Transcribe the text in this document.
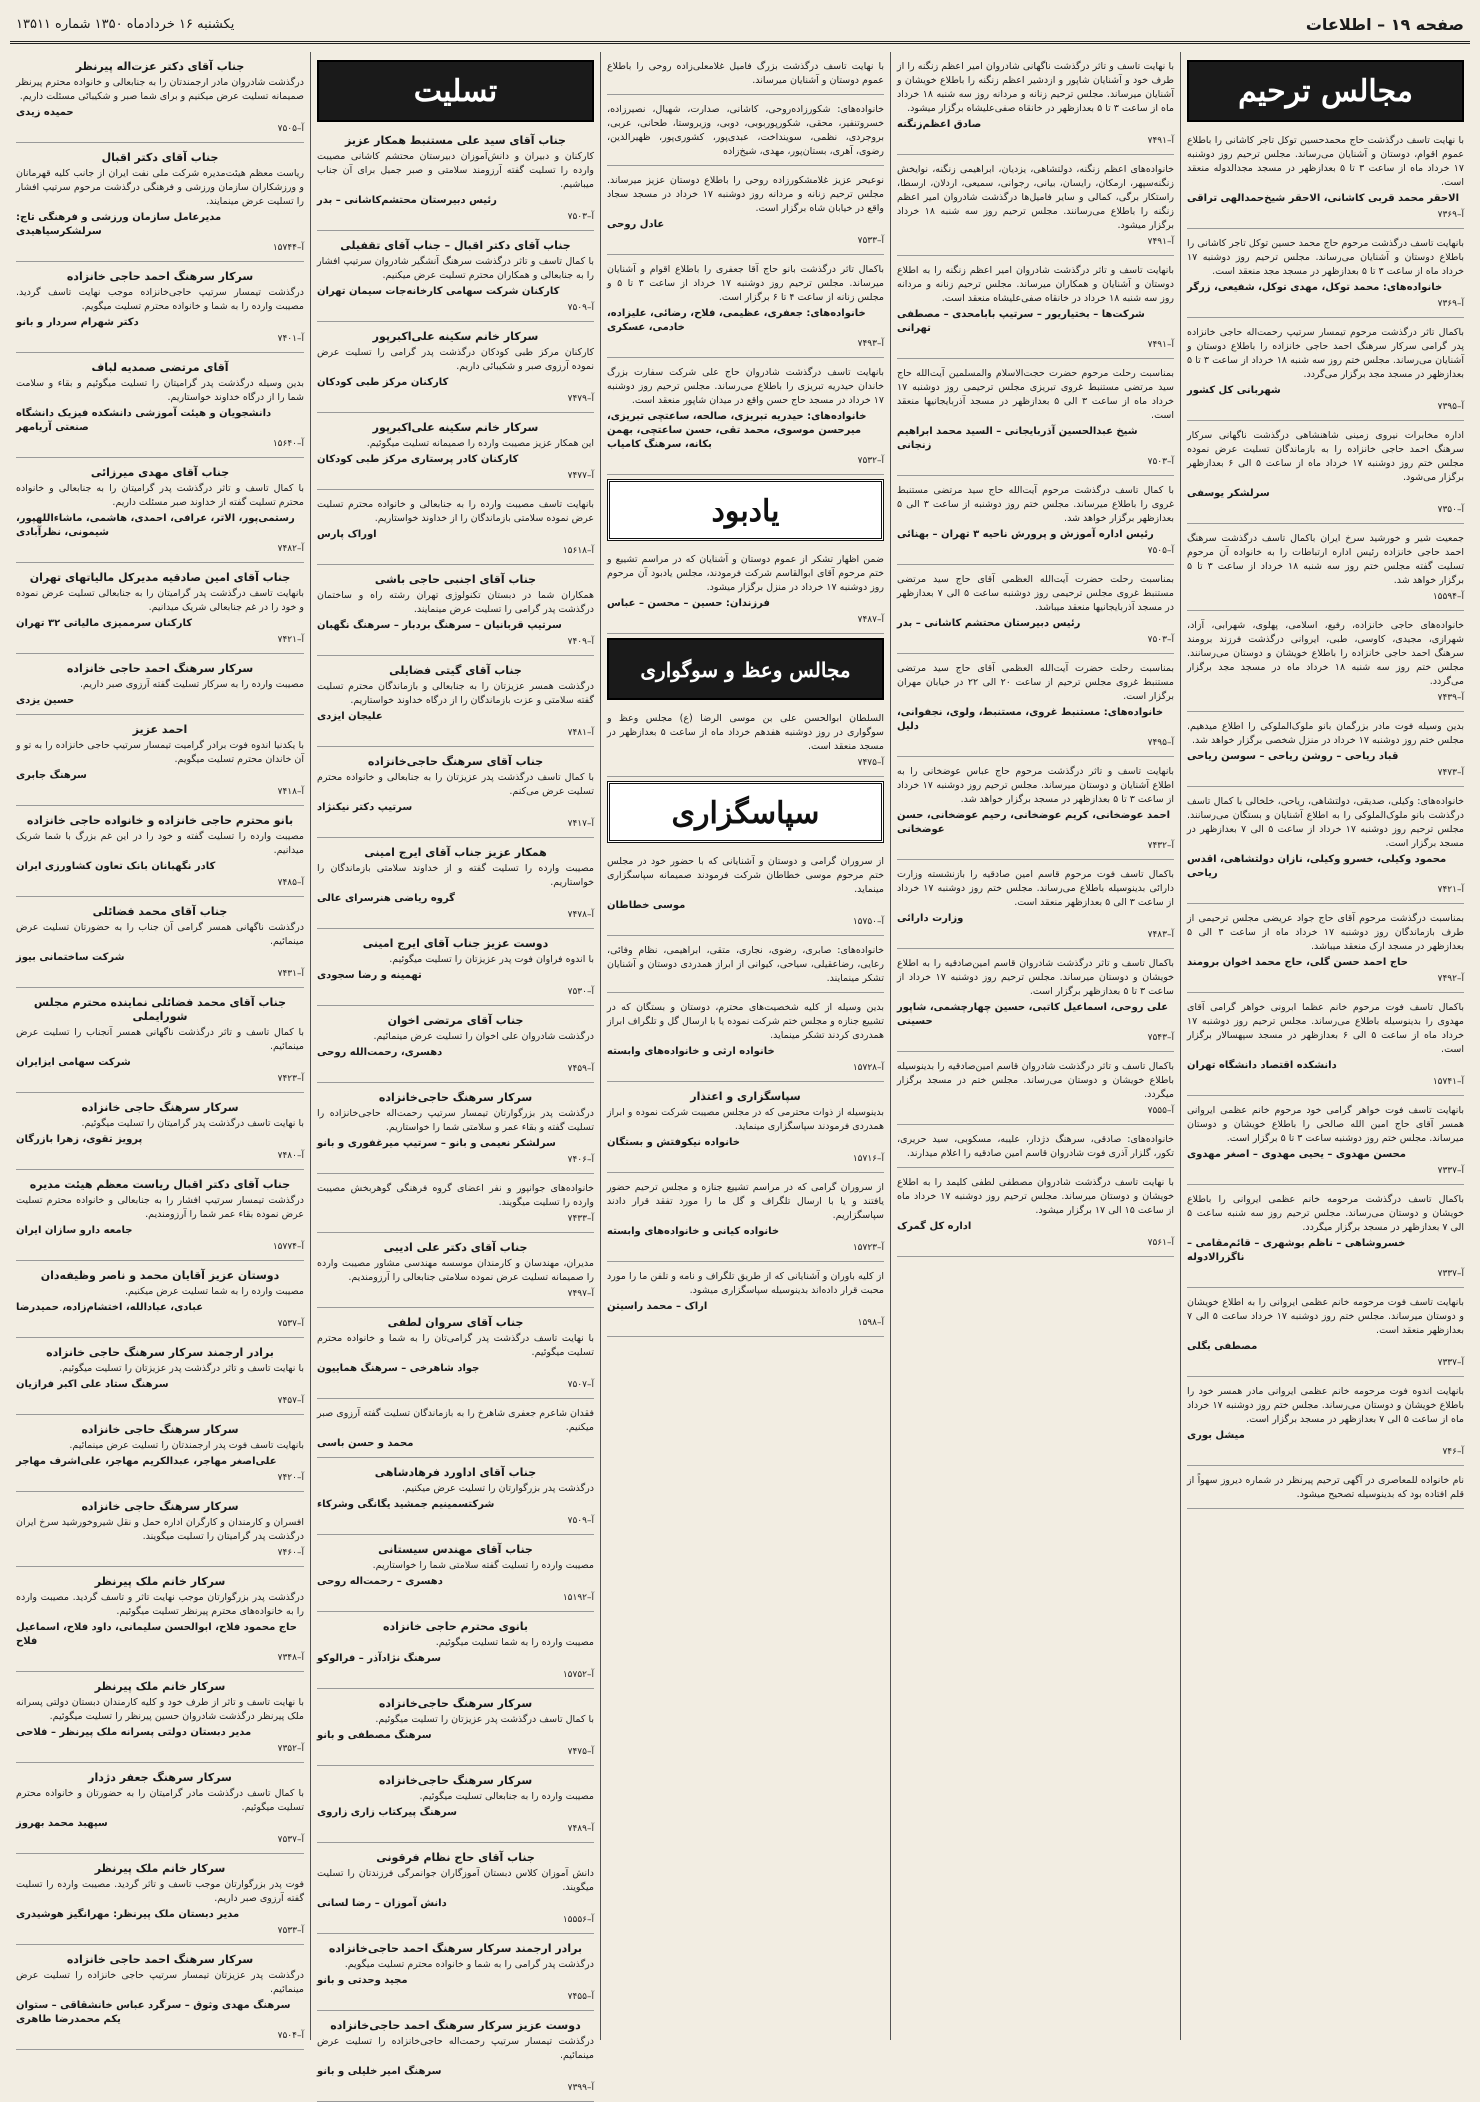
صفحه ۱۹ – اطلاعات
یکشنبه ۱۶ خردادماه ۱۳۵۰ شماره ۱۳۵۱۱
مجالس ترحیم

با نهایت تاسف درگذشت حاج محمدحسین توکل تاجر کاشانی را باطلاع عموم اقوام، دوستان و آشنایان می‌رساند. مجلس ترحیم روز دوشنبه ۱۷ خرداد ماه از ساعت ۳ تا ۵ بعدازظهر در مسجد مجدالدوله منعقد است.

الاحقر محمد قربی کاشانی، الاحقر شیخ‌حمدالهی تراقی
آ–۷۳۶۹

بانهایت تاسف درگذشت مرحوم حاج محمد حسین توکل تاجر کاشانی را باطلاع دوستان و آشنایان می‌رساند. مجلس ترحیم روز دوشنبه ۱۷ خرداد ماه از ساعت ۳ تا ۵ بعدازظهر در مسجد مجد منعقد است.

خانواده‌های: محمد توکل، مهدی توکل، شفیعی، زرگر
آ–۷۳۶۹

باکمال تاثر درگذشت مرحوم تیمسار سرتیپ رحمت‌اله حاجی خانزاده پدر گرامی سرکار سرهنگ احمد حاجی خانزاده را باطلاع دوستان و آشنایان می‌رساند. مجلس ختم روز سه شنبه ۱۸ خرداد از ساعت ۳ تا ۵ بعدازظهر در مسجد مجد برگزار می‌گردد.

شهربانی کل کشور
آ–۷۳۹۵

اداره مخابرات نیروی زمینی شاهنشاهی درگذشت ناگهانی سرکار سرهنگ احمد حاجی خانزاده را به بازماندگان تسلیت عرض نموده مجلس ختم روز دوشنبه ۱۷ خرداد ماه از ساعت ۵ الی ۶ بعدازظهر برگزار می‌شود.

سرلشکر یوسفی
آ–۷۳۵۰

جمعیت شیر و خورشید سرخ ایران باکمال تاسف درگذشت سرهنگ احمد حاجی خانزاده رئیس اداره ارتباطات را به خانواده آن مرحوم تسلیت گفته مجلس ختم روز سه شنبه ۱۸ خرداد از ساعت ۳ تا ۵ برگزار خواهد شد.

آ–۱۵۵۹۴

خانواده‌های حاجی خانزاده، رفیع، اسلامی، پهلوی، شهرابی، آزاد، شهرازی، مجیدی، کاوسی، طبی، ایروانی درگذشت فرزند برومند سرهنگ احمد حاجی خانزاده را باطلاع خویشان و دوستان می‌رسانند. مجلس ختم روز سه شنبه ۱۸ خرداد ماه در مسجد مجد برگزار می‌گردد.

آ–۷۴۳۹

بدین وسیله فوت مادر بزرگمان بانو ملوک‌الملوکی را اطلاع میدهیم. مجلس ختم روز دوشنبه ۱۷ خرداد در منزل شخصی برگزار خواهد شد.

قباد ریاحی – روشن ریاحی – سوسن ریاحی
آ–۷۴۷۳

خانواده‌های: وکیلی، صدیقی، دولتشاهی، ریاحی، خلخالی با کمال تاسف درگذشت بانو ملوک‌الملوکی را به اطلاع آشنایان و بستگان می‌رسانند. مجلس ترحیم روز دوشنبه ۱۷ خرداد از ساعت ۵ الی ۷ بعدازظهر در مسجد برگزار است.

محمود وکیلی، خسرو وکیلی، نازان دولتشاهی، اقدس ریاحی
آ–۷۴۲۱

بمناسبت درگذشت مرحوم آقای حاج جواد عریضی مجلس ترحیمی از طرف بازماندگان روز دوشنبه ۱۷ خرداد ماه از ساعت ۳ الی ۵ بعدازظهر در مسجد ارک منعقد میباشد.

حاج احمد حسن گلی، حاج محمد اخوان برومند
آ–۷۴۹۲

باکمال تاسف فوت مرحوم خانم عظما ابرونی خواهر گرامی آقای مهدوی را بدینوسیله باطلاع می‌رساند. مجلس ترحیم روز دوشنبه ۱۷ خرداد ماه از ساعت ۵ الی ۶ بعدازظهر در مسجد سپهسالار برگزار است.

دانشکده اقتصاد دانشگاه تهران
آ–۱۵۷۴۱

بانهایت تاسف فوت خواهر گرامی خود مرحوم خانم عظمی ایروانی همسر آقای حاج امین الله صالحی را باطلاع خویشان و دوستان میرساند. مجلس ختم روز دوشنبه ساعت ۳ تا ۵ برگزار است.

محسن مهدوی – یحیی مهدوی – اصغر مهدوی
آ–۷۳۳۷

باکمال تاسف درگذشت مرحومه خانم عظمی ایروانی را باطلاع خویشان و دوستان می‌رساند. مجلس ترحیم روز سه شنبه ساعت ۵ الی ۷ بعدازظهر در مسجد برگزار میگردد.

خسروشاهی – ناظم بوشهری – قائم‌مقامی – ناگزرالادوله
آ–۷۳۳۷

بانهایت تاسف فوت مرحومه خانم عظمی ایروانی را به اطلاع خویشان و دوستان میرساند. مجلس ختم روز دوشنبه ۱۷ خرداد ساعت ۵ الی ۷ بعدازظهر منعقد است.

مصطفی بگلی
آ–۷۳۳۷

بانهایت اندوه فوت مرحومه خانم عظمی ایروانی مادر همسر خود را باطلاع خویشان و دوستان می‌رساند. مجلس ختم روز دوشنبه ۱۷ خرداد ماه از ساعت ۵ الی ۷ بعدازظهر در مسجد برگزار است.

میشل بوری
آ–۷۴۶

نام خانواده للمعاصری در آگهی ترحیم پیرنظر در شماره دیروز سهواً از قلم افتاده بود که بدینوسیله تصحیح میشود.

با نهایت تاسف و تاثر درگذشت ناگهانی شادروان امیر اعظم زنگنه را از طرف خود و آشنایان شاپور و ازدشیر اعظم زنگنه را باطلاع خویشان و آشنایان میرساند. مجلس ترحیم زنانه و مردانه روز سه شنبه ۱۸ خرداد ماه از ساعت ۳ تا ۵ بعدازظهر در خانقاه صفی‌علیشاه برگزار میشود.

صادق اعظم‌زنگنه
آ–۷۴۹۱

خانواده‌های اعظم زنگنه، دولتشاهی، یزدیان، ابراهیمی زنگنه، نوایخش زنگنه‌سپهر، ارمکان، رایسان، بیانی، رجوانی، سمیعی، اردلان، ارسطا، راستکار برگی، کمالی و سایر فامیل‌ها درگذشت شادروان امیر اعظم زنگنه را باطلاع می‌رسانند. مجلس ترحیم روز سه شنبه ۱۸ خرداد برگزار میشود.

آ–۷۴۹۱

بانهایت تاسف و تاثر درگذشت شادروان امیر اعظم زنگنه را به اطلاع دوستان و آشنایان و همکاران میرساند. مجلس ترحیم زنانه و مردانه روز سه شنبه ۱۸ خرداد در خانقاه صفی‌علیشاه منعقد است.

شرکت‌ها – بختیاریور – سرتیپ بابامحدی – مصطفی تهرانی
آ–۷۴۹۱

بمناسبت رحلت مرحوم حضرت حجت‌الاسلام والمسلمین آیت‌الله حاج سید مرتضی مستنبط غروی تبریزی مجلس ترحیمی روز دوشنبه ۱۷ خرداد ماه از ساعت ۳ الی ۵ بعدازظهر در مسجد آذربایجانیها منعقد است.

شیخ عبدالحسین آذربایجانی – السید محمد ابراهیم زنجانی
آ–۷۵۰۳

با کمال تاسف درگذشت مرحوم آیت‌الله حاج سید مرتضی مستنبط غروی را باطلاع میرساند. مجلس ختم روز دوشنبه از ساعت ۳ الی ۵ بعدازظهر برگزار خواهد شد.

رئیس اداره آموزش و پرورش ناحیه ۳ تهران – بهنائی
آ–۷۵۰۵

بمناسبت رحلت حضرت آیت‌الله العظمی آقای حاج سید مرتضی مستنبط غروی مجلس ترحیمی روز دوشنبه ساعت ۵ الی ۷ بعدازظهر در مسجد آذربایجانیها منعقد میباشد.

رئیس دبیرستان محتشم کاشانی – بدر
آ–۷۵۰۳

بمناسبت رحلت حضرت آیت‌الله العظمی آقای حاج سید مرتضی مستنبط غروی مجلس ترحیم از ساعت ۲۰ الی ۲۲ در خیابان مهران برگزار است.

خانواده‌های: مستنبط غروی، مستنبط، ولوی، نجفوانی، دلیل
آ–۷۴۹۵

بانهایت تاسف و تاثر درگذشت مرحوم حاج عباس عوضخانی را به اطلاع آشنایان و دوستان میرساند. مجلس ترحیم روز دوشنبه ۱۷ خرداد از ساعت ۳ تا ۵ بعدازظهر در مسجد برگزار خواهد شد.

احمد عوضخانی، کریم عوضخانی، رحیم عوضخانی، حسن عوضخانی
آ–۷۴۳۲

باکمال تاسف فوت مرحوم قاسم امین صادقیه را بازنشسته وزارت دارائی بدینوسیله باطلاع می‌رساند. مجلس ختم روز دوشنبه ۱۷ خرداد از ساعت ۳ الی ۵ بعدازظهر منعقد است.

وزارت دارائی
آ–۷۴۸۳

باکمال تاسف و تاثر درگذشت شادروان قاسم امین‌صادقیه را به اطلاع خویشان و دوستان میرساند. مجلس ترحیم روز دوشنبه ۱۷ خرداد از ساعت ۳ تا ۵ بعدازظهر برگزار است.

علی روحی، اسماعیل کاتبی، حسین چهارچشمی، شاپور حسینی
آ–۷۵۴۳

باکمال تاسف و تاثر درگذشت شادروان قاسم امین‌صادقیه را بدینوسیله باطلاع خویشان و دوستان می‌رساند. مجلس ختم در مسجد برگزار میگردد.

آ–۷۵۵۵

خانواده‌های: صادقی، سرهنگ دژدار، علیبه، مسکوبی، سید حریری، تکور، گلزار آذری فوت شادروان قاسم امین صادقیه را اعلام میدارند.

با نهایت تاسف درگذشت شادروان مصطفی لطفی کلیمد را به اطلاع خویشان و دوستان میرساند. مجلس ترحیم روز دوشنبه ۱۷ خرداد ماه از ساعت ۱۵ الی ۱۷ برگزار میشود.

اداره کل گمرک
آ–۷۵۶۱

با نهایت تاسف درگذشت بزرگ فامیل غلامعلی‌زاده روحی را باطلاع عموم دوستان و آشنایان میرساند.

خانواده‌های: شکورزاده‌روحی، کاشانی، صدارت، شهیال، نصیرزاده، خسروتنفیر، محقی، شکورپوربوبی، دوبی، وزیروستا، طحانی، عربی، بروجردی، نظمی، سوینداخت، عبدی‌پور، کشوری‌پور، ظهیرالدین، رضوی، آهری، بستان‌پور، مهدی، شیخ‌زاده

نوعیحر عزیز غلامشکورزاده روحی را باطلاع دوستان عزیز میرساند. مجلس ترحیم زنانه و مردانه روز دوشنبه ۱۷ خرداد در مسجد سجاد واقع در خیابان شاه برگزار است.

عادل روحی
آ–۷۵۳۳

باکمال تاثر درگذشت بانو حاج آقا جعفری را باطلاع اقوام و آشنایان میرساند. مجلس ترحیم روز دوشنبه ۱۷ خرداد از ساعت ۳ تا ۵ و مجلس زنانه از ساعت ۴ تا ۶ برگزار است.

خانواده‌های: جعفری، عظیمی، فلاح، رضائی، علیزاده، خادمی، عسکری
آ–۷۴۹۳

بانهایت تاسف درگذشت شادروان حاج علی شرکت سفارت بزرگ خاندان حیدریه تبریزی را باطلاع می‌رساند. مجلس ترحیم روز دوشنبه ۱۷ خرداد در مسجد حاج حسن واقع در میدان شاپور منعقد است.

خانواده‌های: حیدریه تبریزی، صالحه، ساعتچی تبریزی، میرحسن موسوی، محمد تقی، حسن ساعتچی، بهمن بکانه، سرهنگ کامیاب
آ–۷۵۳۲
یادبود

ضمن اظهار تشکر از عموم دوستان و آشنایان که در مراسم تشییع و ختم مرحوم آقای ابوالقاسم شرکت فرمودند، مجلس یادبود آن مرحوم روز دوشنبه ۱۷ خرداد در منزل برگزار میشود.

فرزندان: حسین – محسن – عباس
آ–۷۴۸۷
مجالس وعظ و سوگواری

السلطان ابوالحسن علی بن موسی الرضا (ع) مجلس وعظ و سوگواری در روز دوشنبه هفدهم خرداد ماه از ساعت ۵ بعدازظهر در مسجد منعقد است.

آ–۷۴۷۵
سپاسگزاری

از سروران گرامی و دوستان و آشنایانی که با حضور خود در مجلس ختم مرحوم موسی خطاطان شرکت فرمودند صمیمانه سپاسگزاری مینماید.

موسی خطاطان
آ–۱۵۷۵۰

خانواده‌های: صابری، رضوی، نجاری، متقی، ابراهیمی، نظام وفائی، رعایی، رضاعقیلی، سیاحی، کیوانی از ابراز همدردی دوستان و آشنایان تشکر مینمایند.

بدین وسیله از کلیه شخصیت‌های محترم، دوستان و بستگان که در تشییع جنازه و مجلس ختم شرکت نموده یا با ارسال گل و تلگراف ابراز همدردی کردند تشکر مینماید.

خانواده ارثی و خانواده‌های وابسته
آ–۱۵۷۲۸
سپاسگزاری و اعتذار

بدینوسیله از ذوات محترمی که در مجلس مصیبت شرکت نموده و ابراز همدردی فرمودند سپاسگزاری مینماید.

خانواده نیکوفتش و بستگان
آ–۱۵۷۱۶

از سروران گرامی که در مراسم تشییع جنازه و مجلس ترحیم حضور یافتند و یا با ارسال تلگراف و گل ما را مورد تفقد قرار دادند سپاسگزاریم.

خانواده کیانی و خانواده‌های وابسته
آ–۱۵۷۲۳

از کلیه باوران و آشنایانی که از طریق تلگراف و نامه و تلفن ما را مورد محبت قرار داده‌اند بدینوسیله سپاسگزاری میشود.

اراک – محمد راسیتن
آ–۱۵۹۸
تسلیت
جناب آقای سید علی مستنبط همکار عزیز

کارکنان و دبیران و دانش‌آموزان دبیرستان محتشم کاشانی مصیبت وارده را تسلیت گفته آرزومند سلامتی و صبر جمیل برای آن جناب میباشیم.

رئیس دبیرستان محتشم‌کاشانی – بدر
آ–۷۵۰۳
جناب آقای دکتر اقبال – جناب آقای تقفیلی

با کمال تاسف و تاثر درگذشت سرهنگ آنشگیر شادروان سرتیپ افشار را به جنابعالی و همکاران محترم تسلیت عرض میکنیم.

کارکنان شرکت سهامی کارخانه‌جات سیمان تهران
آ–۷۵۰۹
سرکار خانم سکینه علی‌اکبرپور

کارکنان مرکز طبی کودکان درگذشت پدر گرامی را تسلیت عرض نموده آرزوی صبر و شکیبائی داریم.

کارکنان مرکز طبی کودکان
آ–۷۴۷۹
سرکار خانم سکینه علی‌اکبرپور

این همکار عزیز مصیبت وارده را صمیمانه تسلیت میگوئیم.

کارکنان کادر پرستاری مرکز طبی کودکان
آ–۷۴۷۷

بانهایت تاسف مصیبت وارده را به جنابعالی و خانواده محترم تسلیت عرض نموده سلامتی بازماندگان را از خداوند خواستاریم.

اوراک پارس
آ–۱۵۶۱۸
جناب آقای اجنبی حاجی باشی

همکاران شما در دبستان تکنولوژی تهران رشته راه و ساختمان درگذشت پدر گرامی را تسلیت عرض مینمایند.

سرتیپ قربانیان – سرهنگ بردبار – سرهنگ نگهبان
آ–۷۴۰۹
جناب آقای گیتی فضایلی

درگذشت همسر عزیزتان را به جنابعالی و بازماندگان محترم تسلیت گفته سلامتی و عزت بازماندگان را از درگاه خداوند خواستاریم.

علیجان ایزدی
آ–۷۴۸۱
جناب آقای سرهنگ حاجی‌خانزاده

با کمال تاسف درگذشت پدر عزیزتان را به جنابعالی و خانواده محترم تسلیت عرض می‌کنم.

سرتیپ دکتر نیکنژاد
آ–۷۴۱۷
همکار عزیز جناب آقای ایرج امینی

مصیبت وارده را تسلیت گفته و از خداوند سلامتی بازماندگان را خواستاریم.

گروه ریاضی هنرسرای عالی
آ–۷۴۷۸
دوست عزیز جناب آقای ایرج امینی

با اندوه فراوان فوت پدر عزیزتان را تسلیت میگوئیم.

تهمینه و رضا سجودی
آ–۷۵۳۰
جناب آقای مرتضی اخوان

درگذشت شادروان علی اخوان را تسلیت عرض مینمائیم.

دهسری، رحمت‌الله روحی
آ–۷۴۵۹
سرکار سرهنگ حاجی‌خانزاده

درگذشت پدر بزرگوارتان تیمسار سرتیپ رحمت‌اله حاجی‌خانزاده را تسلیت گفته و بقاء عمر و سلامتی شما را خواستاریم.

سرلشکر نعیمی و بانو – سرتیپ میرغفوری و بانو
آ–۷۴۰۶

خانواده‌های جوانپور و نفر اعضای گروه فرهنگی گوهربخش مصیبت وارده را تسلیت میگویند.

آ–۷۴۳۳
جناب آقای دکتر علی ادیبی

مدیران، مهندسان و کارمندان موسسه مهندسی مشاور مصیبت وارده را صمیمانه تسلیت عرض نموده سلامتی جنابعالی را آرزومندیم.

آ–۷۴۹۷
جناب آقای سروان لطفی

با نهایت تاسف درگذشت پدر گرامی‌تان را به شما و خانواده محترم تسلیت میگوئیم.

جواد شاهرخی – سرهنگ هماییون
آ–۷۵۰۷

فقدان شاعرم جعفری شاهرخ را به بازماندگان تسلیت گفته آرزوی صبر میکنیم.

محمد و حسن باسی
جناب آقای اداورد فرهادشاهی

درگذشت پدر بزرگوارتان را تسلیت عرض میکنیم.

شرکتسمینیم جمشید یگانگی وشرکاء
آ–۷۵۰۹
جناب آقای مهندس سیستانی

مصیبت وارده را تسلیت گفته سلامتی شما را خواستاریم.

دهسری – رحمت‌اله روحی
آ–۱۵۱۹۲
بانوی محترم حاجی خانزاده

مصیبت وارده را به شما تسلیت میگوئیم.

سرهنگ نژادآذر – فرالوکو
آ–۱۵۷۵۲
سرکار سرهنگ حاجی‌خانزاده

با کمال تاسف درگذشت پدر عزیزتان را تسلیت میگوئیم.

سرهنگ مصطفی و بانو
آ–۷۴۷۵
سرکار سرهنگ حاجی‌خانزاده

مصیبت وارده را به جنابعالی تسلیت میگوئیم.

سرهنگ پیرکتاب زاری زاروی
آ–۷۴۸۹
جناب آقای حاج نظام فرقونی

دانش آموزان کلاس دبستان آموزگاران جوانمرگی فرزندتان را تسلیت میگویند.

دانش آموزان – رضا لسانی
آ–۱۵۵۵۶
برادر ارجمند سرکار سرهنگ احمد حاجی‌خانزاده

درگذشت پدر گرامی را به شما و خانواده محترم تسلیت میگویم.

مجید وحدتی و بانو
آ–۷۴۵۵
دوست عزیز سرکار سرهنگ احمد حاجی‌خانزاده

درگذشت تیمسار سرتیپ رحمت‌اله حاجی‌خانزاده را تسلیت عرض مینمائیم.

سرهنگ امیر خلیلی و بانو
آ–۷۳۹۹
جناب آقای دکتر عزت‌اله پیرنظر

درگذشت شادروان مادر ارجمندتان را به جنابعالی و خانواده محترم پیرنظر صمیمانه تسلیت عرض میکنیم و برای شما صبر و شکیبائی مسئلت داریم.

حمیده زیدی
آ–۷۵۰۵
جناب آقای دکتر اقبال

ریاست معظم هیئت‌مدیره شرکت ملی نفت ایران از جانب کلیه قهرمانان و ورزشکاران سازمان ورزشی و فرهنگی درگذشت مرحوم سرتیپ افشار را تسلیت عرض مینمایند.

مدیرعامل سازمان ورزشی و فرهنگی تاج: سرلشکرسیاهیدی
آ–۱۵۷۴۴
سرکار سرهنگ احمد حاجی خانزاده

درگذشت تیمسار سرتیپ حاجی‌خانزاده موجب نهایت تاسف گردید. مصیبت وارده را به شما و خانواده محترم تسلیت میگویم.

دکتر شهرام سردار و بانو
آ–۷۴۰۱
آقای مرتضی صمدیه لباف

بدین وسیله درگذشت پدر گرامیتان را تسلیت میگوئیم و بقاء و سلامت شما را از درگاه خداوند خواستاریم.

دانشجویان و هیئت آموزشی دانشکده فیزیک دانشگاه صنعتی آریامهر
آ–۱۵۶۴۰
جناب آقای مهدی میرزائی

با کمال تاسف و تاثر درگذشت پدر گرامیتان را به جنابعالی و خانواده محترم تسلیت گفته از خداوند صبر مسئلت داریم.

رستمی‌پور، الاتر، عرافی، احمدی، هاشمی، ماشاءاللهپور، شیمونی، نظرآبادی
آ–۷۴۸۲
جناب آقای امین صادقیه مدیرکل مالیاتهای تهران

بانهایت تاسف درگذشت پدر گرامیتان را به جنابعالی تسلیت عرض نموده و خود را در غم جنابعالی شریک میدانیم.

کارکنان سرممیزی مالیاتی ۳۲ تهران
آ–۷۴۲۱
سرکار سرهنگ احمد حاجی خانزاده

مصیبت وارده را به سرکار تسلیت گفته آرزوی صبر داریم.

حسین یزدی
احمد عزیز

با یکدنیا اندوه فوت برادر گرامیت تیمسار سرتیپ حاجی خانزاده را به تو و آن خاندان محترم تسلیت میگویم.

سرهنگ جابری
آ–۷۴۱۸
بانو محترم حاجی خانزاده و خانواده حاجی خانزاده

مصیبت وارده را تسلیت گفته و خود را در این غم بزرگ با شما شریک میدانیم.

کادر نگهبانان بانک تعاون کشاورزی ایران
آ–۷۴۸۵
جناب آقای محمد فضائلی

درگذشت ناگهانی همسر گرامی آن جناب را به حضورتان تسلیت عرض مینمائیم.

شرکت ساختمانی بیوز
آ–۷۴۳۱
جناب آقای محمد فضائلی نماینده محترم مجلس شورایملی

با کمال تاسف و تاثر درگذشت ناگهانی همسر آنجناب را تسلیت عرض مینمائیم.

شرکت سهامی ایزایران
آ–۷۴۲۳
سرکار سرهنگ حاجی خانزاده

با نهایت تاسف درگذشت پدر گرامیتان را تسلیت میگوئیم.

پرویز تقوی، زهرا بازرگان
آ–۷۴۸۰
جناب آقای دکتر اقبال ریاست معظم هیئت مدیره

درگذشت تیمسار سرتیپ افشار را به جنابعالی و خانواده محترم تسلیت عرض نموده بقاء عمر شما را آرزومندیم.

جامعه دارو سازان ایران
آ–۱۵۷۷۴
دوستان عزیز آقایان محمد و ناصر وظیفه‌دان

مصیبت وارده را به شما تسلیت عرض میکنیم.

عبادی، عبادالله، اختشام‌زاده، حمیدرضا
آ–۷۵۳۷
برادر ارجمند سرکار سرهنگ حاجی خانزاده

با نهایت تاسف و تاثر درگذشت پدر عزیزتان را تسلیت میگوئیم.

سرهنگ ستاد علی اکبر فرازیان
آ–۷۴۵۷
سرکار سرهنگ حاجی خانزاده

بانهایت تاسف فوت پدر ارجمندتان را تسلیت عرض مینمائیم.

علی‌اصغر مهاجر، عبدالکریم مهاجر، علی‌اشرف مهاجر
آ–۷۴۲۰
سرکار سرهنگ حاجی خانزاده

افسران و کارمندان و کارگران اداره حمل و نقل شیروخورشید سرخ ایران درگذشت پدر گرامیتان را تسلیت میگویند.

آ–۷۴۶۰
سرکار خانم ملک پیرنظر

درگذشت پدر بزرگوارتان موجب نهایت تاثر و تاسف گردید. مصیبت وارده را به خانواده‌های محترم پیرنظر تسلیت میگوئیم.

حاج محمود فلاح، ابوالحسن سلیمانی، داود فلاح، اسماعیل فلاح
آ–۷۳۴۸
سرکار خانم ملک پیرنظر

با نهایت تاسف و تاثر از طرف خود و کلیه کارمندان دبستان دولتی پسرانه ملک پیرنظر درگذشت شادروان حسین پیرنظر را تسلیت میگوئیم.

مدیر دبستان دولتی پسرانه ملک پیرنظر – فلاحی
آ–۷۳۵۲
سرکار سرهنگ جعفر دژدار

با کمال تاسف درگذشت مادر گرامیتان را به حضورتان و خانواده محترم تسلیت میگوئیم.

سپهبد محمد بهروز
آ–۷۵۳۷
سرکار خانم ملک پیرنظر

فوت پدر بزرگوارتان موجب تاسف و تاثر گردید. مصیبت وارده را تسلیت گفته آرزوی صبر داریم.

مدیر دبستان ملک پیرنظر: مهرانگیز هوشیدری
آ–۷۵۳۳
سرکار سرهنگ احمد حاجی خانزاده

درگذشت پدر عزیزتان تیمسار سرتیپ حاجی خانزاده را تسلیت عرض مینمائیم.

سرهنگ مهدی وثوق – سرگرد عباس خانشقاقی – ستوان یکم محمدرضا طاهری
آ–۷۵۰۴
